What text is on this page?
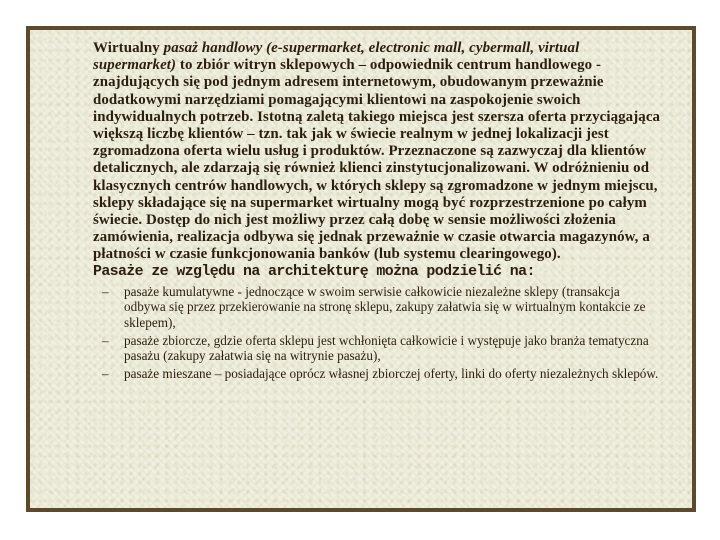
Wirtualny pasaż handlowy (e-supermarket, electronic mall, cybermall, virtual supermarket) to zbiór witryn sklepowych – odpowiednik centrum handlowego - znajdujących się pod jednym adresem internetowym, obudowanym przeważnie dodatkowymi narzędziami pomagającymi klientowi na zaspokojenie swoich indywidualnych potrzeb. Istotną zaletą takiego miejsca jest szersza oferta przyciągająca większą liczbę klientów – tzn. tak jak w świecie realnym w jednej lokalizacji jest zgromadzona oferta wielu usług i produktów. Przeznaczone są zazwyczaj dla klientów detalicznych, ale zdarzają się również klienci zinstytucjonalizowani. W odróżnieniu od klasycznych centrów handlowych, w których sklepy są zgromadzone w jednym miejscu, sklepy składające się na supermarket wirtualny mogą być rozprzestrzenione po całym świecie. Dostęp do nich jest możliwy przez całą dobę w sensie możliwości złożenia zamówienia, realizacja odbywa się jednak przeważnie w czasie otwarcia magazynów, a płatności w czasie funkcjonowania banków (lub systemu clearingowego).

Pasaże ze względu na architekturę można podzielić na:

– pasaże kumulatywne - jednoczące w swoim serwisie całkowicie niezależne sklepy (transakcja odbywa się przez przekierowanie na stronę sklepu, zakupy załatwia się w wirtualnym kontakcie ze sklepem),
– pasaże zbiorcze, gdzie oferta sklepu jest wchłonięta całkowicie i występuje jako branża tematyczna pasażu (zakupy załatwia się na witrynie pasażu),
– pasaże mieszane – posiadające oprócz własnej zbiorczej oferty, linki do oferty niezależnych sklepów.
